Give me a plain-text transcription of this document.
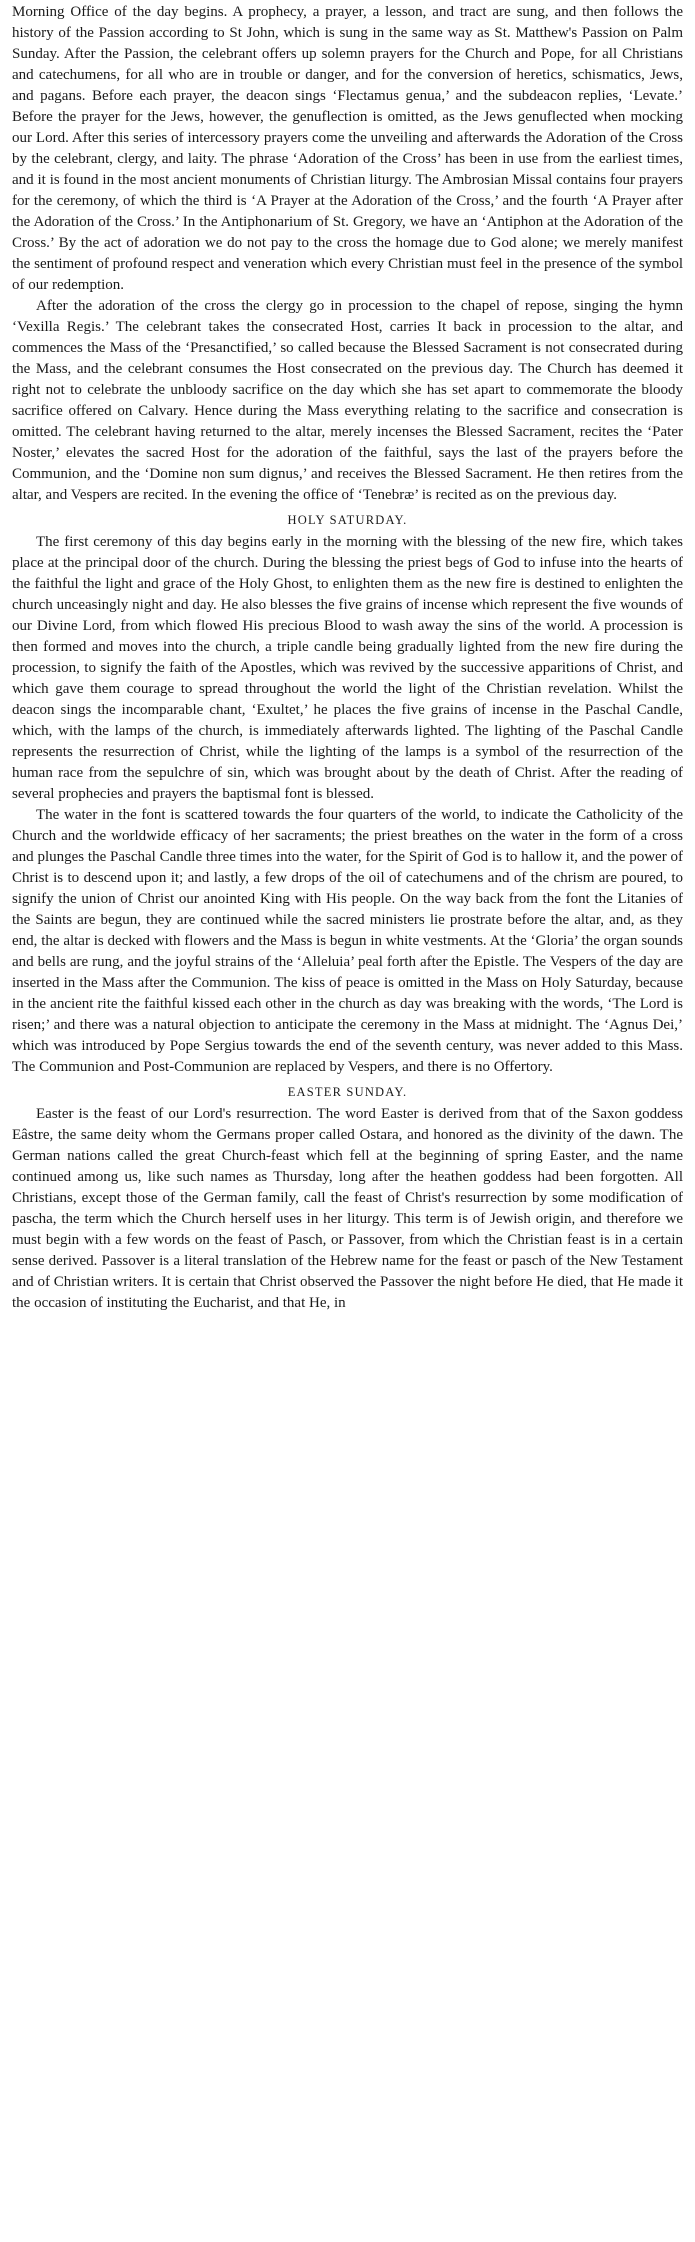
Morning Office of the day begins. A prophecy, a prayer, a lesson, and tract are sung, and then follows the history of the Passion according to St John, which is sung in the same way as St. Matthew's Passion on Palm Sunday. After the Passion, the celebrant offers up solemn prayers for the Church and Pope, for all Christians and catechumens, for all who are in trouble or danger, and for the conversion of heretics, schismatics, Jews, and pagans. Before each prayer, the deacon sings ‘Flectamus genua,’ and the subdeacon replies, ‘Levate.’ Before the prayer for the Jews, however, the genuflection is omitted, as the Jews genuflected when mocking our Lord. After this series of intercessory prayers come the unveiling and afterwards the Adoration of the Cross by the celebrant, clergy, and laity. The phrase ‘Adoration of the Cross’ has been in use from the earliest times, and it is found in the most ancient monuments of Christian liturgy. The Ambrosian Missal contains four prayers for the ceremony, of which the third is ‘A Prayer at the Adoration of the Cross,’ and the fourth ‘A Prayer after the Adoration of the Cross.’ In the Antiphonarium of St. Gregory, we have an ‘Antiphon at the Adoration of the Cross.’ By the act of adoration we do not pay to the cross the homage due to God alone; we merely manifest the sentiment of profound respect and veneration which every Christian must feel in the presence of the symbol of our redemption.

After the adoration of the cross the clergy go in procession to the chapel of repose, singing the hymn ‘Vexilla Regis.’ The celebrant takes the consecrated Host, carries It back in procession to the altar, and commences the Mass of the ‘Presanctified,’ so called because the Blessed Sacrament is not consecrated during the Mass, and the celebrant consumes the Host consecrated on the previous day. The Church has deemed it right not to celebrate the unbloody sacrifice on the day which she has set apart to commemorate the bloody sacrifice offered on Calvary. Hence during the Mass everything relating to the sacrifice and consecration is omitted. The celebrant having returned to the altar, merely incenses the Blessed Sacrament, recites the ‘Pater Noster,’ elevates the sacred Host for the adoration of the faithful, says the last of the prayers before the Communion, and the ‘Domine non sum dignus,’ and receives the Blessed Sacrament. He then retires from the altar, and Vespers are recited. In the evening the office of ‘Tenebræ’ is recited as on the previous day.

HOLY SATURDAY.

The first ceremony of this day begins early in the morning with the blessing of the new fire, which takes place at the principal door of the church. During the blessing the priest begs of God to infuse into the hearts of the faithful the light and grace of the Holy Ghost, to enlighten them as the new fire is destined to enlighten the church unceasingly night and day. He also blesses the five grains of incense which represent the five wounds of our Divine Lord, from which flowed His precious Blood to wash away the sins of the world. A procession is then formed and moves into the church, a triple candle being gradually lighted from the new fire during the procession, to signify the faith of the Apostles, which was revived by the successive apparitions of Christ, and which gave them courage to spread throughout the world the light of the Christian revelation. Whilst the deacon sings the incomparable chant, ‘Exultet,’ he places the five grains of incense in the Paschal Candle, which, with the lamps of the church, is immediately afterwards lighted. The lighting of the Paschal Candle represents the resurrection of Christ, while the lighting of the lamps is a symbol of the resurrection of the human race from the sepulchre of sin, which was brought about by the death of Christ. After the reading of several prophecies and prayers the baptismal font is blessed.

The water in the font is scattered towards the four quarters of the world, to indicate the Catholicity of the Church and the worldwide efficacy of her sacraments; the priest breathes on the water in the form of a cross and plunges the Paschal Candle three times into the water, for the Spirit of God is to hallow it, and the power of Christ is to descend upon it; and lastly, a few drops of the oil of catechumens and of the chrism are poured, to signify the union of Christ our anointed King with His people. On the way back from the font the Litanies of the Saints are begun, they are continued while the sacred ministers lie prostrate before the altar, and, as they end, the altar is decked with flowers and the Mass is begun in white vestments. At the ‘Gloria’ the organ sounds and bells are rung, and the joyful strains of the ‘Alleluia’ peal forth after the Epistle. The Vespers of the day are inserted in the Mass after the Communion. The kiss of peace is omitted in the Mass on Holy Saturday, because in the ancient rite the faithful kissed each other in the church as day was breaking with the words, ‘The Lord is risen;’ and there was a natural objection to anticipate the ceremony in the Mass at midnight. The ‘Agnus Dei,’ which was introduced by Pope Sergius towards the end of the seventh century, was never added to this Mass. The Communion and Post-Communion are replaced by Vespers, and there is no Offertory.

EASTER SUNDAY.

Easter is the feast of our Lord's resurrection. The word Easter is derived from that of the Saxon goddess Eâstre, the same deity whom the Germans proper called Ostara, and honored as the divinity of the dawn. The German nations called the great Church-feast which fell at the beginning of spring Easter, and the name continued among us, like such names as Thursday, long after the heathen goddess had been forgotten. All Christians, except those of the German family, call the feast of Christ's resurrection by some modification of pascha, the term which the Church herself uses in her liturgy. This term is of Jewish origin, and therefore we must begin with a few words on the feast of Pasch, or Passover, from which the Christian feast is in a certain sense derived. Passover is a literal translation of the Hebrew name for the feast or pasch of the New Testament and of Christian writers. It is certain that Christ observed the Passover the night before He died, that He made it the occasion of instituting the Eucharist, and that He, in
